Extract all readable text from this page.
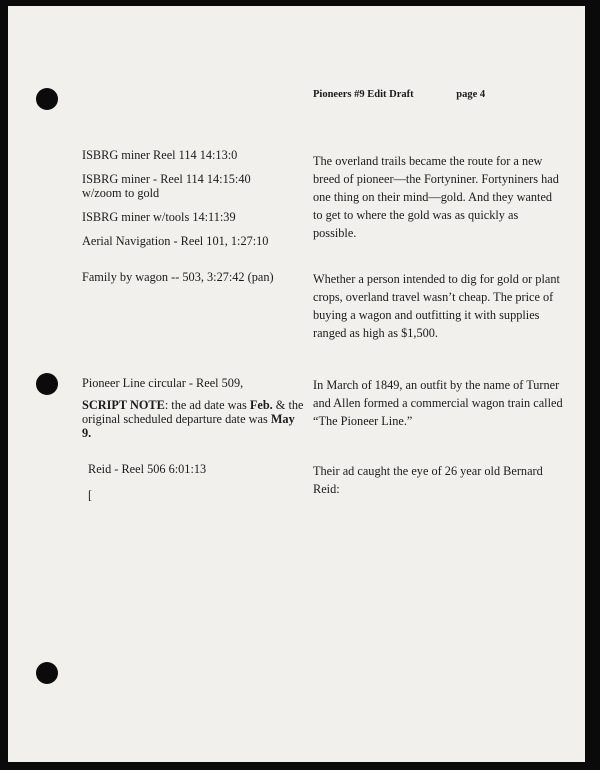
Pioneers #9 Edit Draft	page 4

ISBRG miner Reel 114 14:13:0

ISBRG miner - Reel 114 14:15:40
w/zoom to gold

ISBRG miner w/tools 14:11:39

Aerial Navigation - Reel 101, 1:27:10

Family by wagon -- 503, 3:27:42 (pan)

Pioneer Line circular - Reel 509,

SCRIPT NOTE: the ad date was Feb. & the original scheduled departure date was May 9.

Reid - Reel 506 6:01:13

[

The overland trails became the route for a new breed of pioneer—the Fortyniner. Fortyniners had one thing on their mind—gold. And they wanted to get to where the gold was as quickly as possible.

Whether a person intended to dig for gold or plant crops, overland travel wasn’t cheap. The price of buying a wagon and outfitting it with supplies ranged as high as $1,500.

In March of 1849, an outfit by the name of Turner and Allen formed a commercial wagon train called “The Pioneer Line.”

Their ad caught the eye of 26 year old Bernard Reid:
